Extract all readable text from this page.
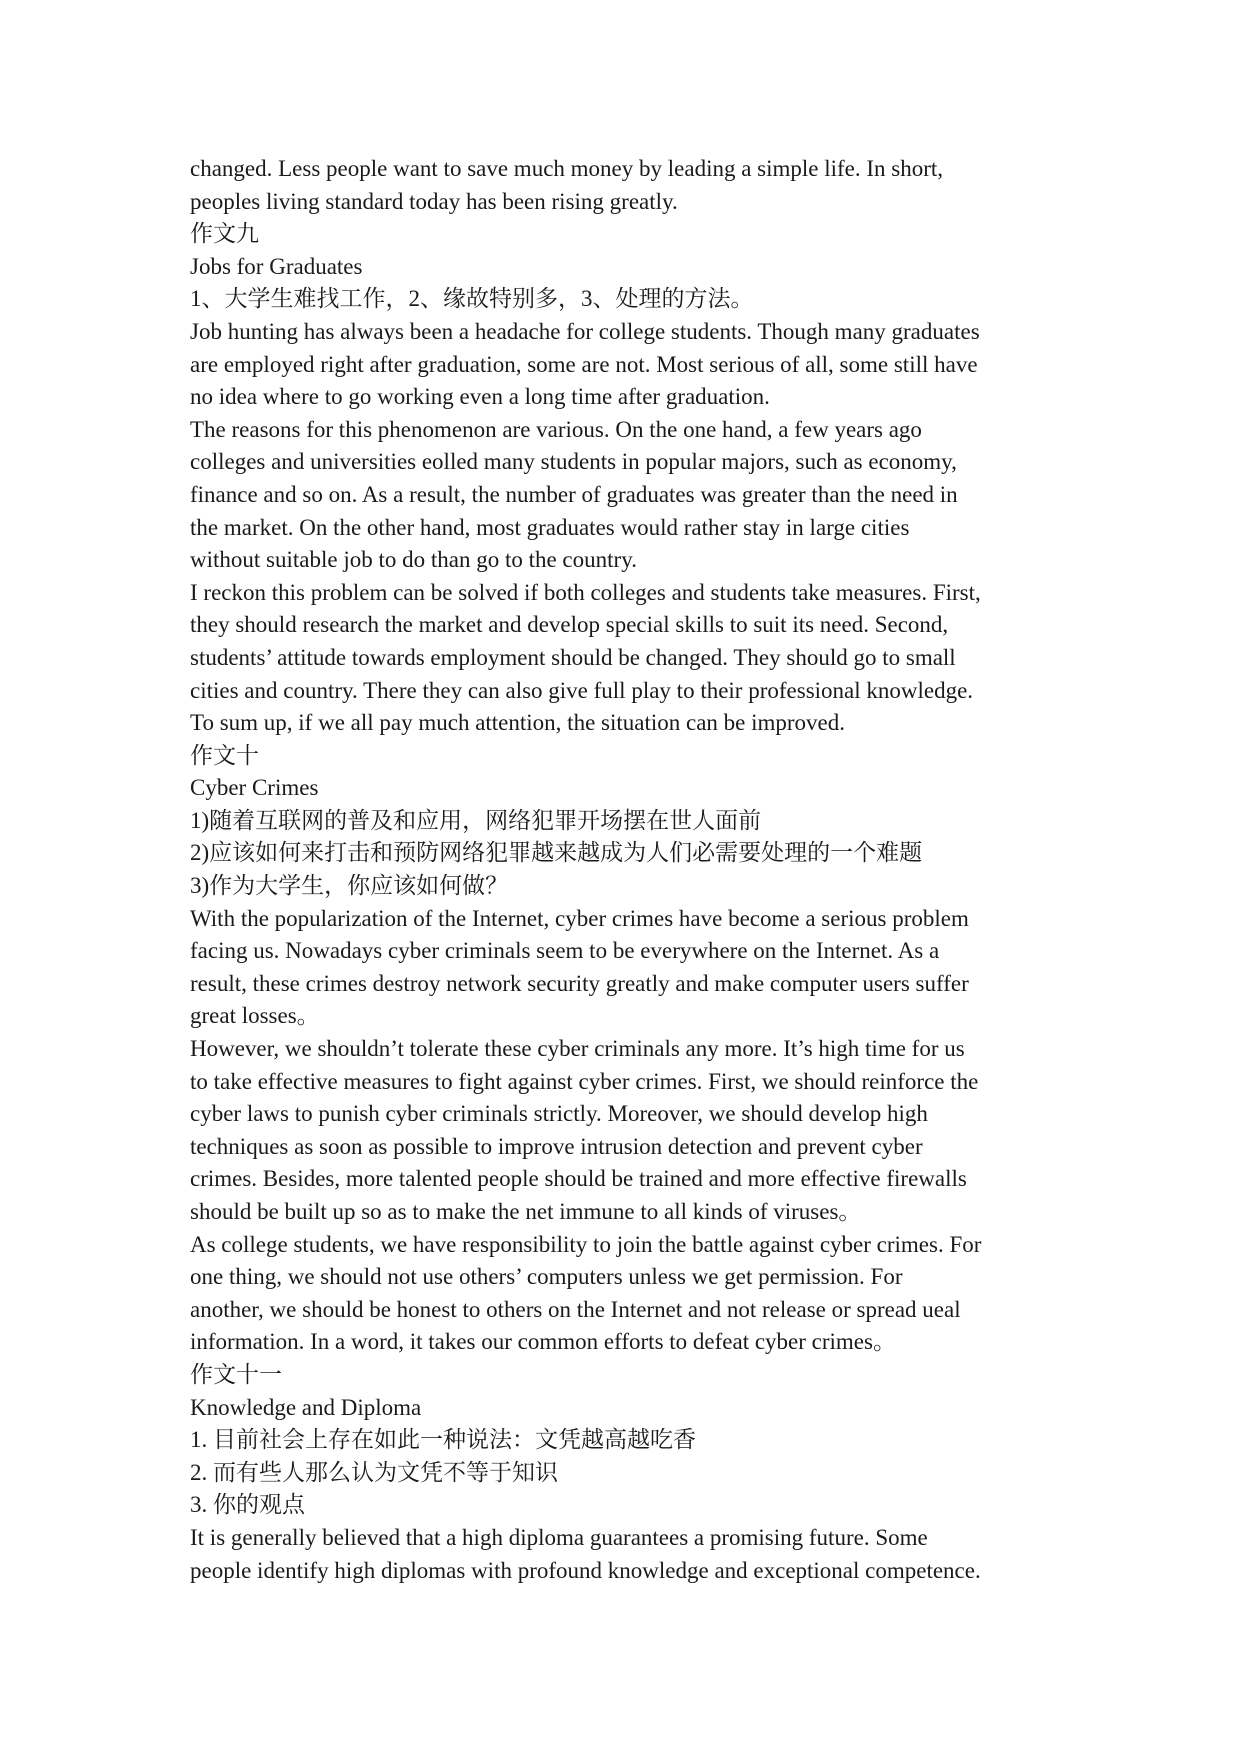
changed. Less people want to save much money by leading a simple life. In short,
peoples living standard today has been rising greatly.
作文九
Jobs for Graduates
1、大学生难找工作，2、缘故特别多，3、处理的方法。
Job hunting has always been a headache for college students. Though many graduates
are employed right after graduation, some are not. Most serious of all, some still have
no idea where to go working even a long time after graduation.
The reasons for this phenomenon are various. On the one hand, a few years ago
colleges and universities eolled many students in popular majors, such as economy,
finance and so on. As a result, the number of graduates was greater than the need in
the market. On the other hand, most graduates would rather stay in large cities
without suitable job to do than go to the country.
I reckon this problem can be solved if both colleges and students take measures. First,
they should research the market and develop special skills to suit its need. Second,
students’ attitude towards employment should be changed. They should go to small
cities and country. There they can also give full play to their professional knowledge.
To sum up, if we all pay much attention, the situation can be improved.
作文十
Cyber Crimes
1)随着互联网的普及和应用，网络犯罪开场摆在世人面前
2)应该如何来打击和预防网络犯罪越来越成为人们必需要处理的一个难题
3)作为大学生，你应该如何做？
With the popularization of the Internet, cyber crimes have become a serious problem
facing us. Nowadays cyber criminals seem to be everywhere on the Internet. As a
result, these crimes destroy network security greatly and make computer users suffer
great losses。
However, we shouldn’t tolerate these cyber criminals any more. It’s high time for us
to take effective measures to fight against cyber crimes. First, we should reinforce the
cyber laws to punish cyber criminals strictly. Moreover, we should develop high
techniques as soon as possible to improve intrusion detection and prevent cyber
crimes. Besides, more talented people should be trained and more effective firewalls
should be built up so as to make the net immune to all kinds of viruses。
As college students, we have responsibility to join the battle against cyber crimes. For
one thing, we should not use others’ computers unless we get permission. For
another, we should be honest to others on the Internet and not release or spread ueal
information. In a word, it takes our common efforts to defeat cyber crimes。
作文十一
Knowledge and Diploma
1. 目前社会上存在如此一种说法：文凭越高越吃香
2. 而有些人那么认为文凭不等于知识
3. 你的观点
It is generally believed that a high diploma guarantees a promising future. Some
people identify high diplomas with profound knowledge and exceptional competence.
